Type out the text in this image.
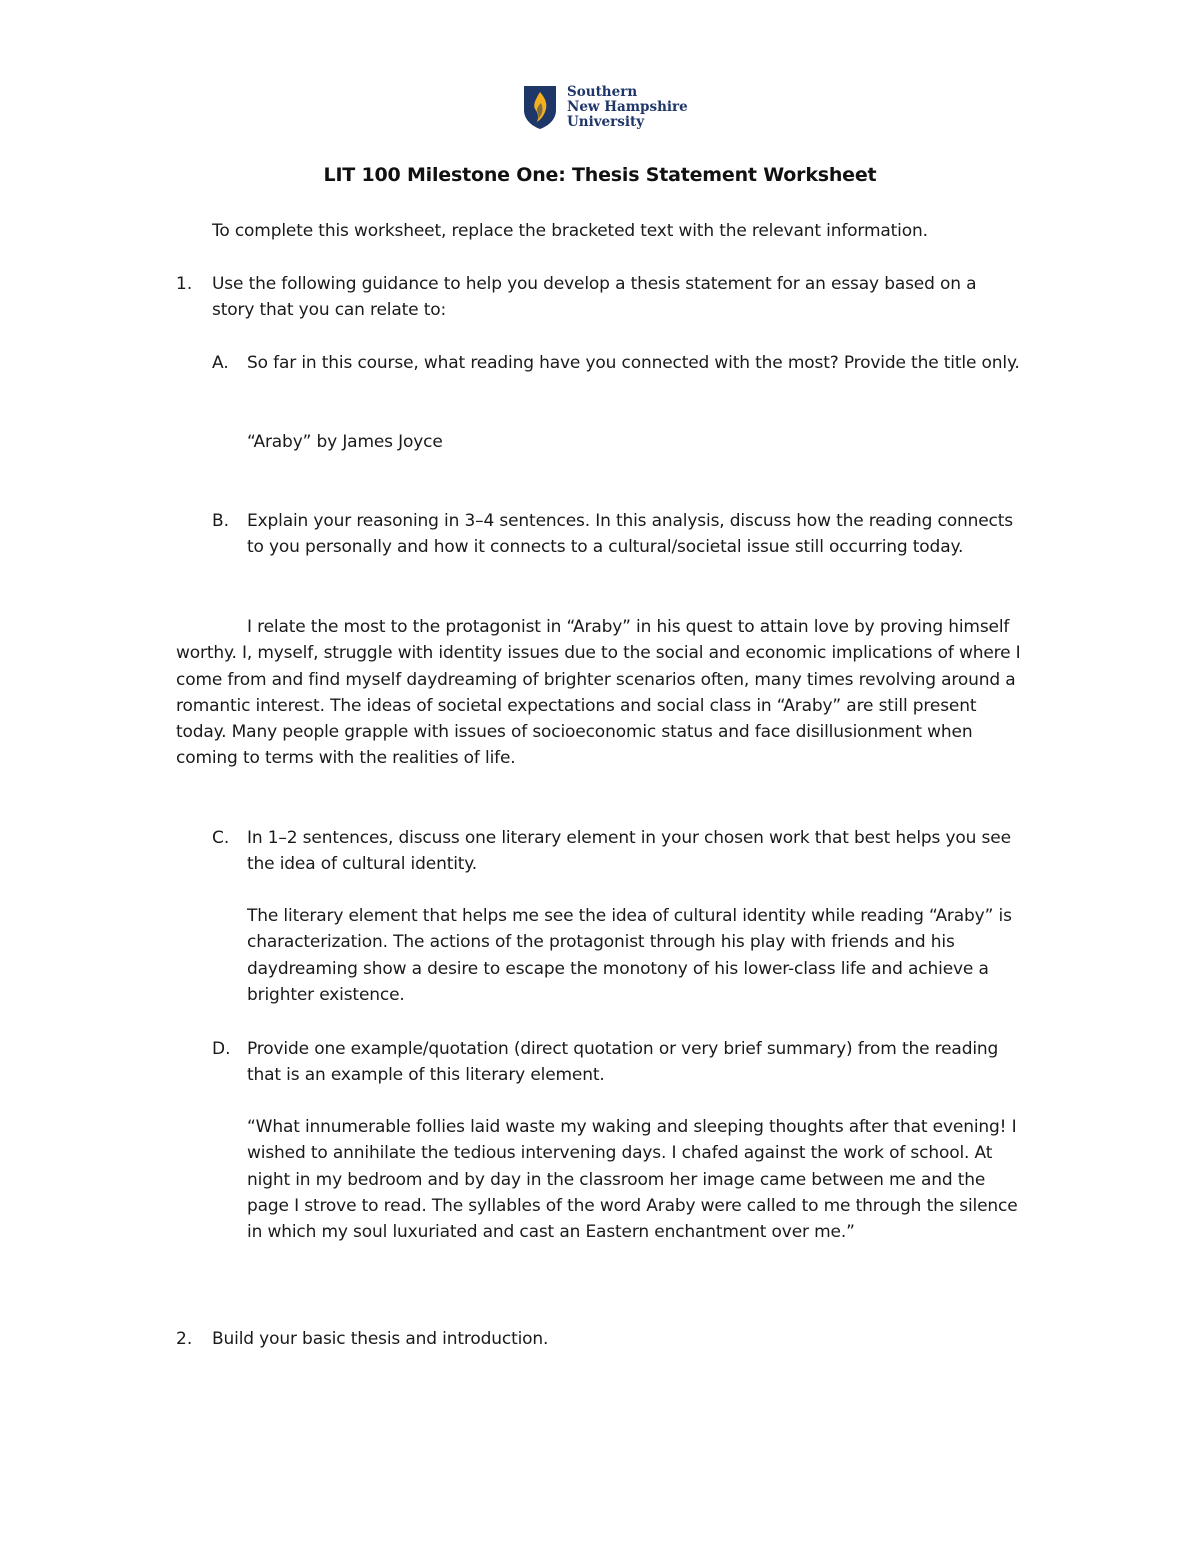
Southern
New Hampshire
University
LIT 100 Milestone One: Thesis Statement Worksheet

To complete this worksheet, replace the bracketed text with the relevant information.

1. Use the following guidance to help you develop a thesis statement for an essay based on a story that you can relate to:

A. So far in this course, what reading have you connected with the most? Provide the title only.

“Araby” by James Joyce

B. Explain your reasoning in 3–4 sentences. In this analysis, discuss how the reading connects to you personally and how it connects to a cultural/societal issue still occurring today.

I relate the most to the protagonist in “Araby” in his quest to attain love by proving himself worthy. I, myself, struggle with identity issues due to the social and economic implications of where I come from and find myself daydreaming of brighter scenarios often, many times revolving around a romantic interest. The ideas of societal expectations and social class in “Araby” are still present today. Many people grapple with issues of socioeconomic status and face disillusionment when coming to terms with the realities of life.

C. In 1–2 sentences, discuss one literary element in your chosen work that best helps you see the idea of cultural identity.

The literary element that helps me see the idea of cultural identity while reading “Araby” is characterization. The actions of the protagonist through his play with friends and his daydreaming show a desire to escape the monotony of his lower-class life and achieve a brighter existence.

D. Provide one example/quotation (direct quotation or very brief summary) from the reading that is an example of this literary element.

“What innumerable follies laid waste my waking and sleeping thoughts after that evening! I wished to annihilate the tedious intervening days. I chafed against the work of school. At night in my bedroom and by day in the classroom her image came between me and the page I strove to read. The syllables of the word Araby were called to me through the silence in which my soul luxuriated and cast an Eastern enchantment over me.”

2. Build your basic thesis and introduction.
